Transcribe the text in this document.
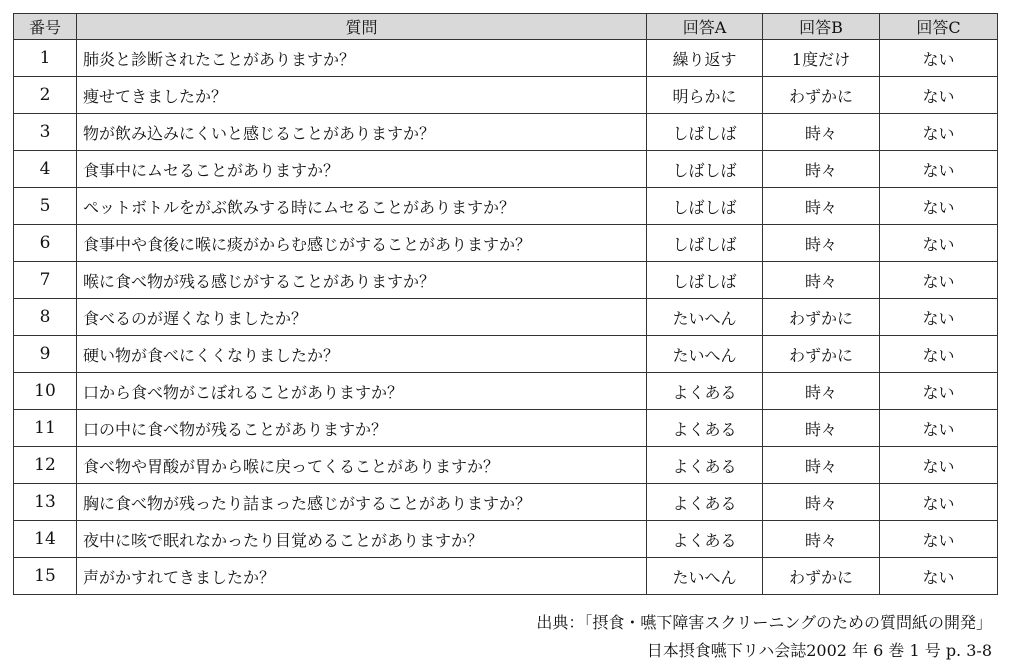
番号	質問	回答A	回答B	回答C
1	肺炎と診断されたことがありますか？	繰り返す	1度だけ	ない
2	痩せてきましたか？	明らかに	わずかに	ない
3	物が飲み込みにくいと感じることがありますか？	しばしば	時々	ない
4	食事中にムセることがありますか？	しばしば	時々	ない
5	ペットボトルをがぶ飲みする時にムセることがありますか？	しばしば	時々	ない
6	食事中や食後に喉に痰がからむ感じがすることがありますか？	しばしば	時々	ない
7	喉に食べ物が残る感じがすることがありますか？	しばしば	時々	ない
8	食べるのが遅くなりましたか？	たいへん	わずかに	ない
9	硬い物が食べにくくなりましたか？	たいへん	わずかに	ない
10	口から食べ物がこぼれることがありますか？	よくある	時々	ない
11	口の中に食べ物が残ることがありますか？	よくある	時々	ない
12	食べ物や胃酸が胃から喉に戻ってくることがありますか？	よくある	時々	ない
13	胸に食べ物が残ったり詰まった感じがすることがありますか？	よくある	時々	ない
14	夜中に咳で眠れなかったり目覚めることがありますか？	よくある	時々	ない
15	声がかすれてきましたか？	たいへん	わずかに	ない
出典：「摂食・嚥下障害スクリーニングのための質問紙の開発」
日本摂食嚥下リハ会誌2002 年 6 巻 1 号 p. 3-8
